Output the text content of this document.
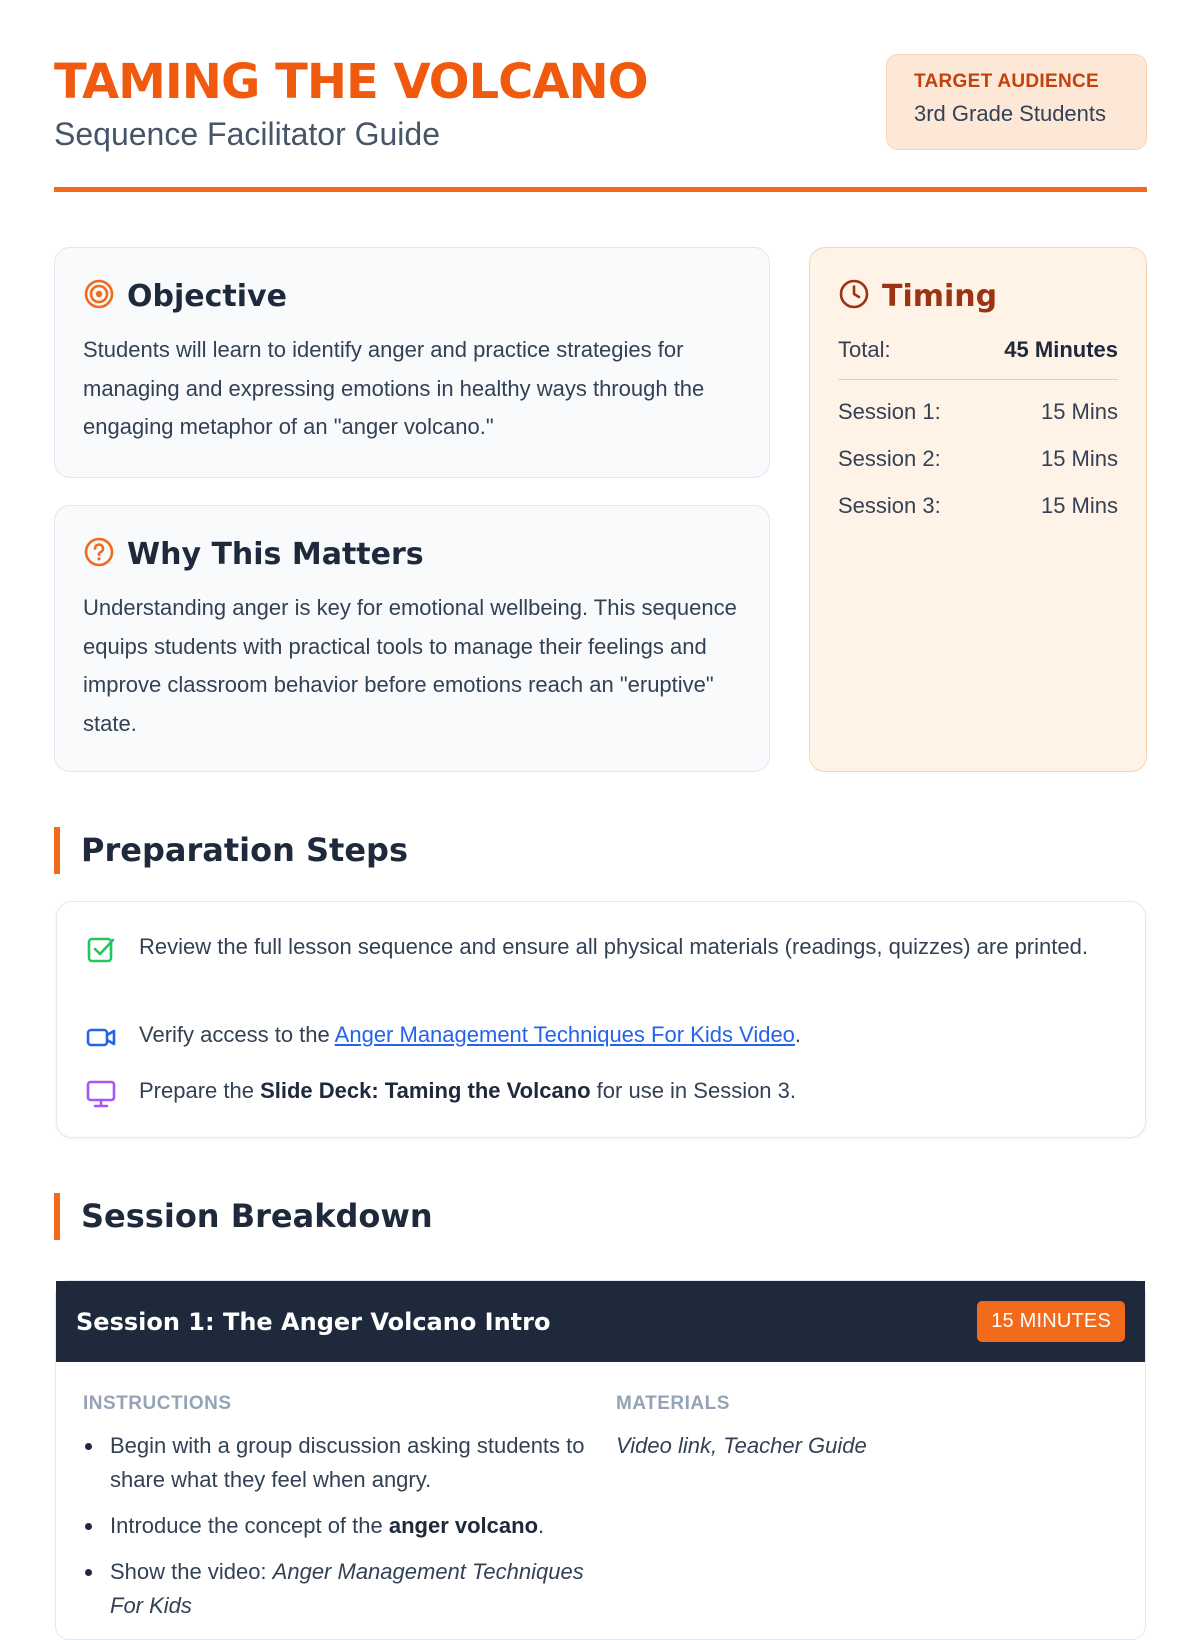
TAMING THE VOLCANO
Sequence Facilitator Guide
TARGET AUDIENCE
3rd Grade Students
Objective
Students will learn to identify anger and practice strategies for managing and expressing emotions in healthy ways through the engaging metaphor of an "anger volcano."
Why This Matters
Understanding anger is key for emotional wellbeing. This sequence equips students with practical tools to manage their feelings and improve classroom behavior before emotions reach an "eruptive" state.
Timing
Total:	45 Minutes
Session 1:	15 Mins
Session 2:	15 Mins
Session 3:	15 Mins
Preparation Steps
Review the full lesson sequence and ensure all physical materials (readings, quizzes) are printed.
Verify access to the Anger Management Techniques For Kids Video.
Prepare the Slide Deck: Taming the Volcano for use in Session 3.
Session Breakdown
Session 1: The Anger Volcano Intro	15 MINUTES
INSTRUCTIONS	MATERIALS
Begin with a group discussion asking students to share what they feel when angry.
Introduce the concept of the anger volcano.
Show the video: Anger Management Techniques For Kids
Video link, Teacher Guide
